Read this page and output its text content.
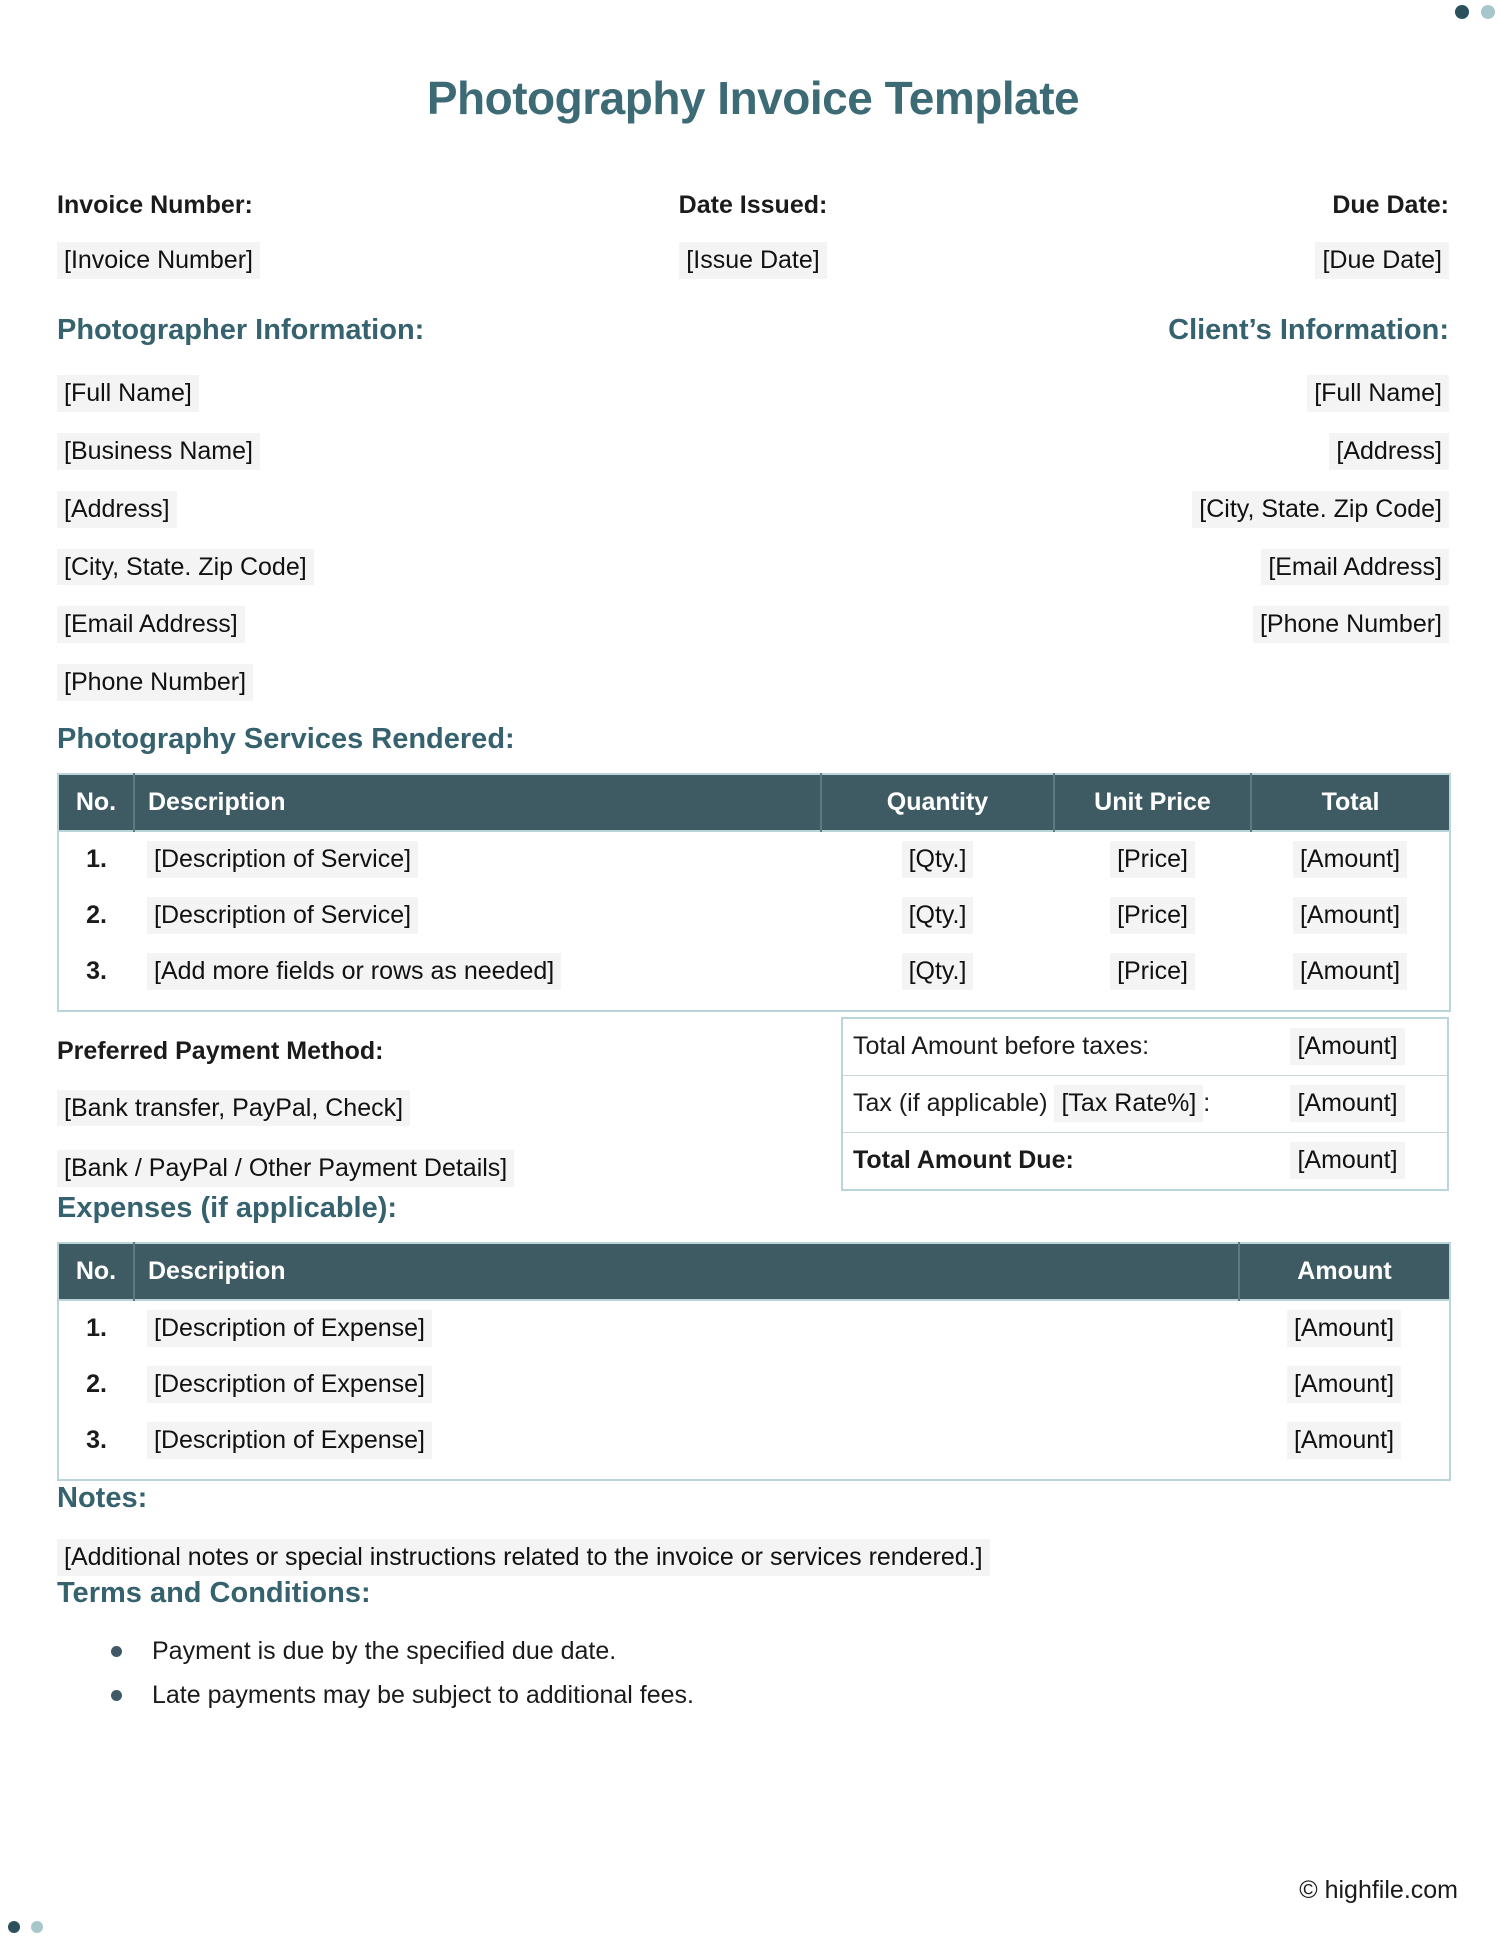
Photography Invoice Template
Invoice Number:	Date Issued:	Due Date:
[Invoice Number]	[Issue Date]	[Due Date]
Photographer Information:
[Full Name]
[Business Name]
[Address]
[City, State. Zip Code]
[Email Address]
[Phone Number]
Client’s Information:
[Full Name]
[Address]
[City, State. Zip Code]
[Email Address]
[Phone Number]
Photography Services Rendered:
No.	Description	Quantity	Unit Price	Total
1.	[Description of Service]	[Qty.]	[Price]	[Amount]
2.	[Description of Service]	[Qty.]	[Price]	[Amount]
3.	[Add more fields or rows as needed]	[Qty.]	[Price]	[Amount]
Preferred Payment Method:
[Bank transfer, PayPal, Check]
[Bank / PayPal / Other Payment Details]
Total Amount before taxes:	[Amount]
Tax (if applicable) [Tax Rate%] :	[Amount]
Total Amount Due:	[Amount]
Expenses (if applicable):
No.	Description	Amount
1.	[Description of Expense]	[Amount]
2.	[Description of Expense]	[Amount]
3.	[Description of Expense]	[Amount]
Notes:
[Additional notes or special instructions related to the invoice or services rendered.]
Terms and Conditions:
Payment is due by the specified due date.
Late payments may be subject to additional fees.
© highfile.com
